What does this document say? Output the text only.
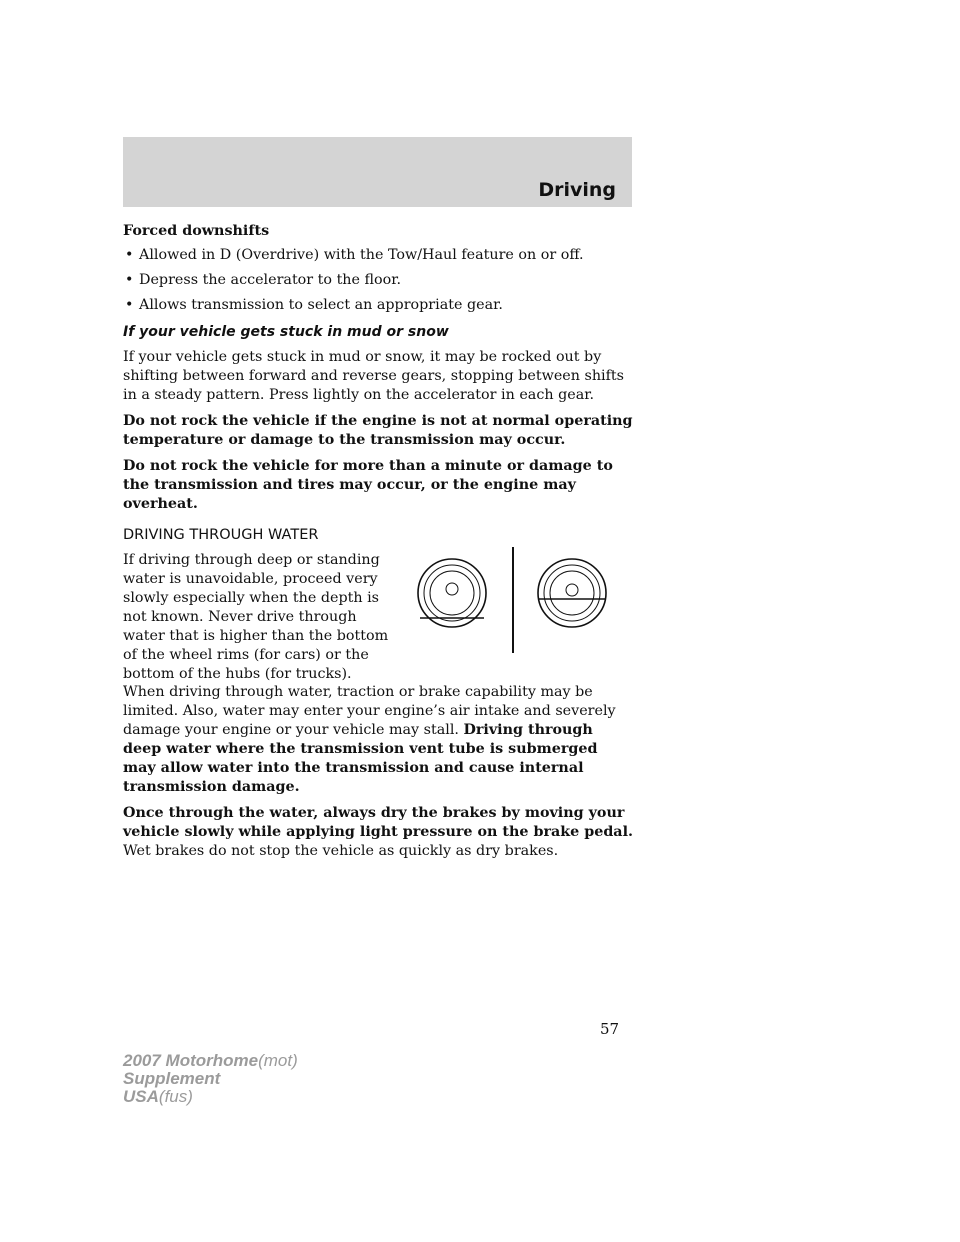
Driving

Forced downshifts

• Allowed in D (Overdrive) with the Tow/Haul feature on or off.
• Depress the accelerator to the floor.
• Allows transmission to select an appropriate gear.

If your vehicle gets stuck in mud or snow

If your vehicle gets stuck in mud or snow, it may be rocked out by shifting between forward and reverse gears, stopping between shifts in a steady pattern. Press lightly on the accelerator in each gear.

Do not rock the vehicle if the engine is not at normal operating temperature or damage to the transmission may occur.

Do not rock the vehicle for more than a minute or damage to the transmission and tires may occur, or the engine may overheat.

DRIVING THROUGH WATER

If driving through deep or standing water is unavoidable, proceed very slowly especially when the depth is not known. Never drive through water that is higher than the bottom of the wheel rims (for cars) or the bottom of the hubs (for trucks).

When driving through water, traction or brake capability may be limited. Also, water may enter your engine’s air intake and severely damage your engine or your vehicle may stall. Driving through deep water where the transmission vent tube is submerged may allow water into the transmission and cause internal transmission damage.

Once through the water, always dry the brakes by moving your vehicle slowly while applying light pressure on the brake pedal.
Wet brakes do not stop the vehicle as quickly as dry brakes.

57
2007 Motorhome(mot)
Supplement
USA(fus)
